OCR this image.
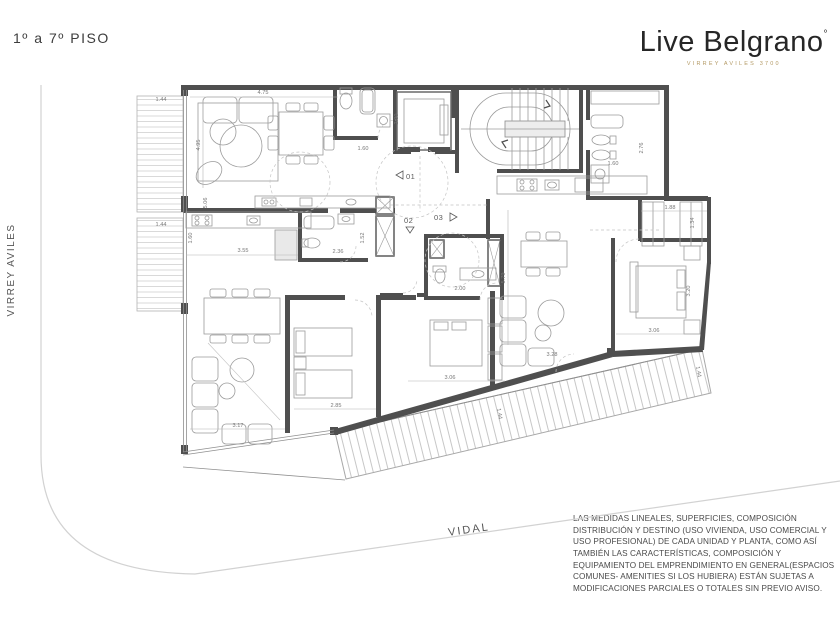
1º a 7º PISO	Live Belgrano°
VIRREY AVILES 3700
VIRREY AVILES
VIDAL
LAS MEDIDAS LINEALES, SUPERFICIES, COMPOSICIÓN DISTRIBUCIÓN Y DESTINO (USO VIVIENDA, USO COMERCIAL Y USO PROFESIONAL) DE CADA UNIDAD Y PLANTA, COMO ASÍ TAMBIÉN LAS CARACTERÍSTICAS, COMPOSICIÓN Y EQUIPAMIENTO DEL EMPRENDIMIENTO EN GENERAL(ESPACIOS COMUNES- AMENITIES SI LOS HUBIERA) ESTÁN SUJETAS A MODIFICACIONES PARCIALES O TOTALES SIN PREVIO AVISO.
4.75
4.95
2.30
1.60	2.76
1.60
1.44
1.44
5.06
3.55
1.60
2.36
1.52
2.00
5.79
1.88
1.34
3.06
2.85
3.17
3.06
3.20
3.28
1.44
1.44
01
02	03
